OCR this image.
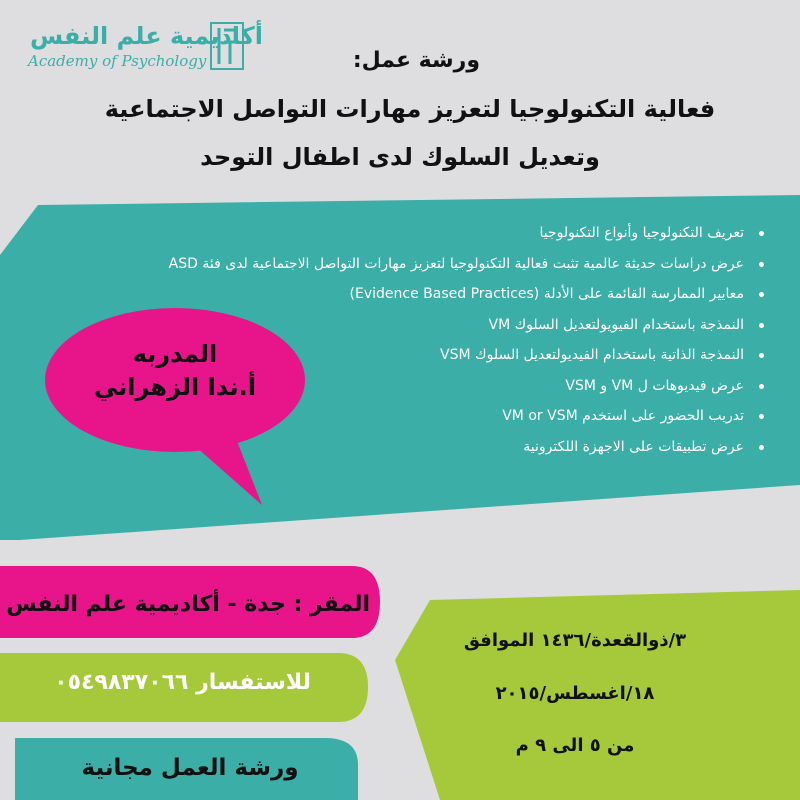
أكاديمية علم النفس
Academy of Psychology	ورشة عمل:
فعالية التكنولوجيا لتعزيز مهارات التواصل الاجتماعية
وتعديل السلوك لدى اطفال التوحد
تعريف التكنولوجيا وأنواع التكنولوجيا
عرض دراسات حديثة عالمية تثبت فعالية التكنولوجيا لتعزيز مهارات التواصل الاجتماعية لدى فئة ASD
معايير الممارسة القائمة على الأدلة (Evidence Based Practices)
النمذجة باستخدام الفيويولتعديل السلوك VM
النمذجة الذاتية باستخدام الفيديولتعديل السلوك VSM
عرض فيديوهات ل VM و VSM
تدريب الحضور على استخدم VM or VSM
عرض تطبيقات على الاجهزة اللكترونية
المدربه
أ.ندا الزهراني
المقر : جدة - أكاديمية علم النفس
للاستفسار ٠٥٤٩٨٣٧٠٦٦
ورشة العمل مجانية
٣/ذوالقعدة/١٤٣٦ الموافق
١٨/اغسطس/٢٠١٥
من ٥ الى ٩ م
